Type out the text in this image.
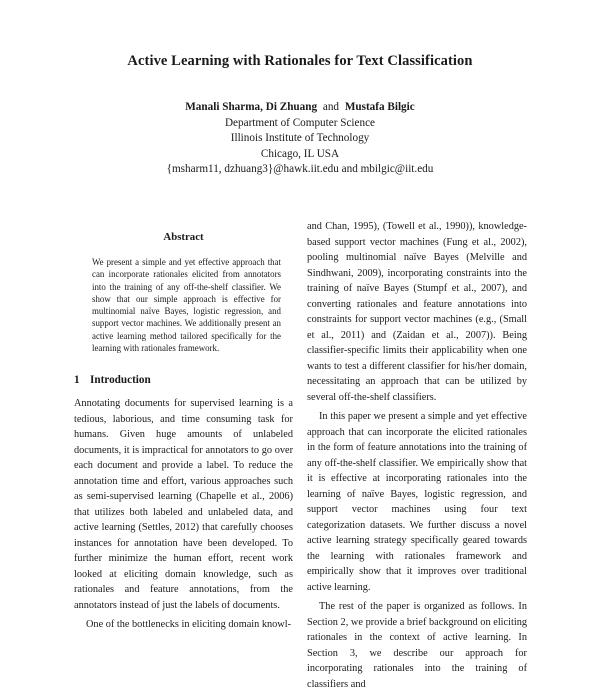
Active Learning with Rationales for Text Classification
Manali Sharma, Di Zhuang and Mustafa Bilgic
Department of Computer Science
Illinois Institute of Technology
Chicago, IL USA
{msharm11, dzhuang3}@hawk.iit.edu and mbilgic@iit.edu
Abstract

We present a simple and yet effective approach that can incorporate rationales elicited from annotators into the training of any off-the-shelf classifier. We show that our simple approach is effective for multinomial naïve Bayes, logistic regression, and support vector machines. We additionally present an active learning method tailored specifically for the learning with rationales framework.

1 Introduction

Annotating documents for supervised learning is a tedious, laborious, and time consuming task for humans. Given huge amounts of unlabeled documents, it is impractical for annotators to go over each document and provide a label. To reduce the annotation time and effort, various approaches such as semi-supervised learning (Chapelle et al., 2006) that utilizes both labeled and unlabeled data, and active learning (Settles, 2012) that carefully chooses instances for annotation have been developed. To further minimize the human effort, recent work looked at eliciting domain knowledge, such as rationales and feature annotations, from the annotators instead of just the labels of documents.

One of the bottlenecks in eliciting domain knowl-

and Chan, 1995), (Towell et al., 1990)), knowledge-based support vector machines (Fung et al., 2002), pooling multinomial naïve Bayes (Melville and Sindhwani, 2009), incorporating constraints into the training of naïve Bayes (Stumpf et al., 2007), and converting rationales and feature annotations into constraints for support vector machines (e.g., (Small et al., 2011) and (Zaidan et al., 2007)). Being classifier-specific limits their applicability when one wants to test a different classifier for his/her domain, necessitating an approach that can be utilized by several off-the-shelf classifiers.

In this paper we present a simple and yet effective approach that can incorporate the elicited rationales in the form of feature annotations into the training of any off-the-shelf classifier. We empirically show that it is effective at incorporating rationales into the learning of naïve Bayes, logistic regression, and support vector machines using four text categorization datasets. We further discuss a novel active learning strategy specifically geared towards the learning with rationales framework and empirically show that it improves over traditional active learning.

The rest of the paper is organized as follows. In Section 2, we provide a brief background on eliciting rationales in the context of active learning. In Section 3, we describe our approach for incorporating rationales into the training of classifiers and
